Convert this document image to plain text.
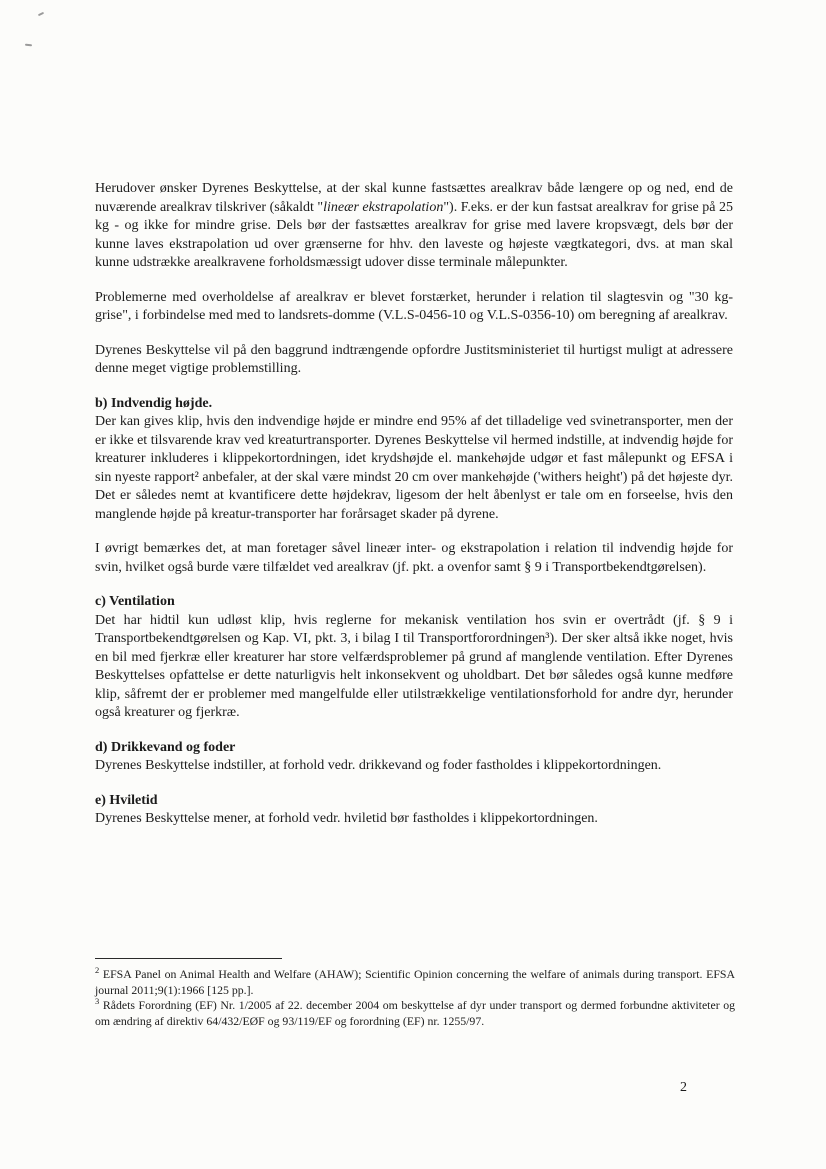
Herudover ønsker Dyrenes Beskyttelse, at der skal kunne fastsættes arealkrav både længere op og ned, end de nuværende arealkrav tilskriver (såkaldt "lineær ekstrapolation"). F.eks. er der kun fastsat arealkrav for grise på 25 kg - og ikke for mindre grise. Dels bør der fastsættes arealkrav for grise med lavere kropsvægt, dels bør der kunne laves ekstrapolation ud over grænserne for hhv. den laveste og højeste vægtkategori, dvs. at man skal kunne udstrække arealkravene forholdsmæssigt udover disse terminale målepunkter.

Problemerne med overholdelse af arealkrav er blevet forstærket, herunder i relation til slagtesvin og "30 kg-grise", i forbindelse med med to landsrets-domme (V.L.S-0456-10 og V.L.S-0356-10) om beregning af arealkrav.

Dyrenes Beskyttelse vil på den baggrund indtrængende opfordre Justitsministeriet til hurtigst muligt at adressere denne meget vigtige problemstilling.

b) Indvendig højde.

Der kan gives klip, hvis den indvendige højde er mindre end 95% af det tilladelige ved svinetransporter, men der er ikke et tilsvarende krav ved kreaturtransporter. Dyrenes Beskyttelse vil hermed indstille, at indvendig højde for kreaturer inkluderes i klippekortordningen, idet krydshøjde el. mankehøjde udgør et fast målepunkt og EFSA i sin nyeste rapport² anbefaler, at der skal være mindst 20 cm over mankehøjde ('withers height') på det højeste dyr. Det er således nemt at kvantificere dette højdekrav, ligesom der helt åbenlyst er tale om en forseelse, hvis den manglende højde på kreatur-transporter har forårsaget skader på dyrene.

I øvrigt bemærkes det, at man foretager såvel lineær inter- og ekstrapolation i relation til indvendig højde for svin, hvilket også burde være tilfældet ved arealkrav (jf. pkt. a ovenfor samt § 9 i Transportbekendtgørelsen).

c) Ventilation

Det har hidtil kun udløst klip, hvis reglerne for mekanisk ventilation hos svin er overtrådt (jf. § 9 i Transportbekendtgørelsen og Kap. VI, pkt. 3, i bilag I til Transportforordningen³). Der sker altså ikke noget, hvis en bil med fjerkræ eller kreaturer har store velfærdsproblemer på grund af manglende ventilation. Efter Dyrenes Beskyttelses opfattelse er dette naturligvis helt inkonsekvent og uholdbart. Det bør således også kunne medføre klip, såfremt der er problemer med mangelfulde eller utilstrækkelige ventilationsforhold for andre dyr, herunder også kreaturer og fjerkræ.

d) Drikkevand og foder

Dyrenes Beskyttelse indstiller, at forhold vedr. drikkevand og foder fastholdes i klippekortordningen.

e) Hviletid

Dyrenes Beskyttelse mener, at forhold vedr. hviletid bør fastholdes i klippekortordningen.

$^2$ EFSA Panel on Animal Health and Welfare (AHAW); Scientific Opinion concerning the welfare of animals during transport. EFSA journal 2011;9(1):1966 [125 pp.].

$^3$ Rådets Forordning (EF) Nr. 1/2005 af 22. december 2004 om beskyttelse af dyr under transport og dermed forbundne aktiviteter og om ændring af direktiv 64/432/EØF og 93/119/EF og forordning (EF) nr. 1255/97.

2
